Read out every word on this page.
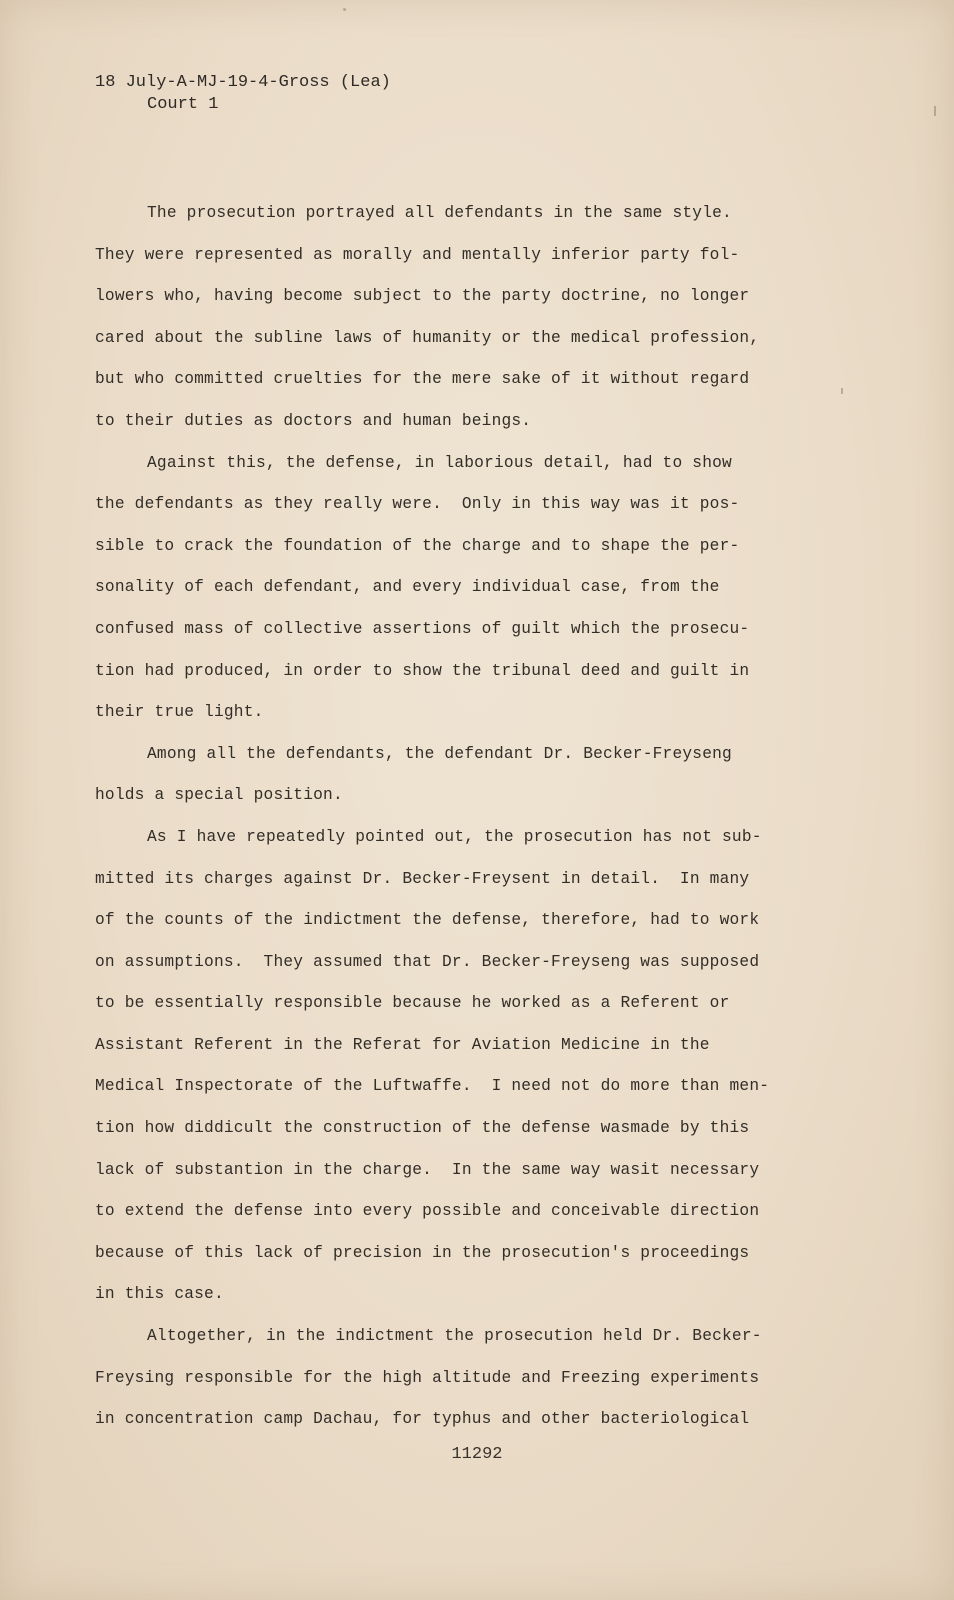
18 July-A-MJ-19-4-Gross (Lea)
Court 1
The prosecution portrayed all defendants in the same style.
They were represented as morally and mentally inferior party fol-
lowers who, having become subject to the party doctrine, no longer
cared about the subline laws of humanity or the medical profession,
but who committed cruelties for the mere sake of it without regard
to their duties as doctors and human beings.
Against this, the defense, in laborious detail, had to show
the defendants as they really were.  Only in this way was it pos-
sible to crack the foundation of the charge and to shape the per-
sonality of each defendant, and every individual case, from the
confused mass of collective assertions of guilt which the prosecu-
tion had produced, in order to show the tribunal deed and guilt in
their true light.
Among all the defendants, the defendant Dr. Becker-Freyseng
holds a special position.
As I have repeatedly pointed out, the prosecution has not sub-
mitted its charges against Dr. Becker-Freysent in detail.  In many
of the counts of the indictment the defense, therefore, had to work
on assumptions.  They assumed that Dr. Becker-Freyseng was supposed
to be essentially responsible because he worked as a Referent or
Assistant Referent in the Referat for Aviation Medicine in the
Medical Inspectorate of the Luftwaffe.  I need not do more than men-
tion how diddicult the construction of the defense wasmade by this
lack of substantion in the charge.  In the same way wasit necessary
to extend the defense into every possible and conceivable direction
because of this lack of precision in the prosecution's proceedings
in this case.
Altogether, in the indictment the prosecution held Dr. Becker-
Freysing responsible for the high altitude and Freezing experiments
in concentration camp Dachau, for typhus and other bacteriological
11292
